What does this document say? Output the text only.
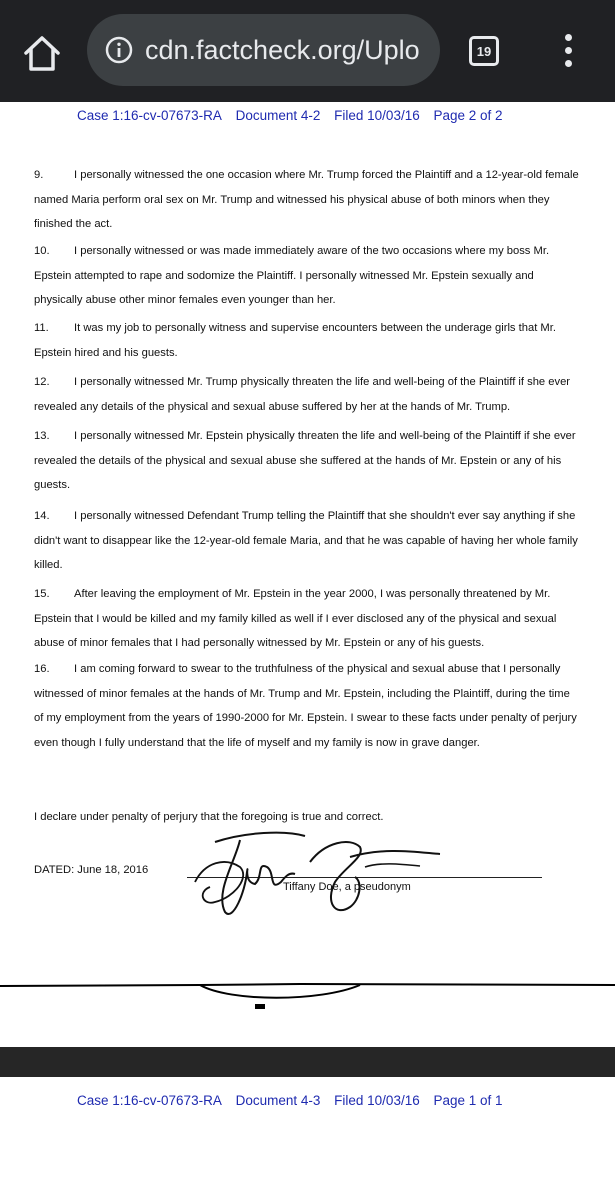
cdn.factcheck.org/Uplo	19
Case 1:16-cv-07673-RA Document 4-2 Filed 10/03/16 Page 2 of 2
9.	I personally witnessed the one occasion where Mr. Trump forced the Plaintiff and a 12-year-old female named Maria perform oral sex on Mr. Trump and witnessed his physical abuse of both minors when they finished the act.
10. I personally witnessed or was made immediately aware of the two occasions where my boss Mr. Epstein attempted to rape and sodomize the Plaintiff. I personally witnessed Mr. Epstein sexually and physically abuse other minor females even younger than her.
11. It was my job to personally witness and supervise encounters between the underage girls that Mr. Epstein hired and his guests.
12. I personally witnessed Mr. Trump physically threaten the life and well-being of the Plaintiff if she ever revealed any details of the physical and sexual abuse suffered by her at the hands of Mr. Trump.
13. I personally witnessed Mr. Epstein physically threaten the life and well-being of the Plaintiff if she ever revealed the details of the physical and sexual abuse she suffered at the hands of Mr. Epstein or any of his guests.
14. I personally witnessed Defendant Trump telling the Plaintiff that she shouldn't ever say anything if she didn't want to disappear like the 12-year-old female Maria, and that he was capable of having her whole family killed.
15. After leaving the employment of Mr. Epstein in the year 2000, I was personally threatened by Mr. Epstein that I would be killed and my family killed as well if I ever disclosed any of the physical and sexual abuse of minor females that I had personally witnessed by Mr. Epstein or any of his guests.
16. I am coming forward to swear to the truthfulness of the physical and sexual abuse that I personally witnessed of minor females at the hands of Mr. Trump and Mr. Epstein, including the Plaintiff, during the time of my employment from the years of 1990-2000 for Mr. Epstein. I swear to these facts under penalty of perjury even though I fully understand that the life of myself and my family is now in grave danger.
I declare under penalty of perjury that the foregoing is true and correct.
DATED: June 18, 2016
Tiffany Doe, a pseudonym
Case 1:16-cv-07673-RA Document 4-3 Filed 10/03/16 Page 1 of 1
